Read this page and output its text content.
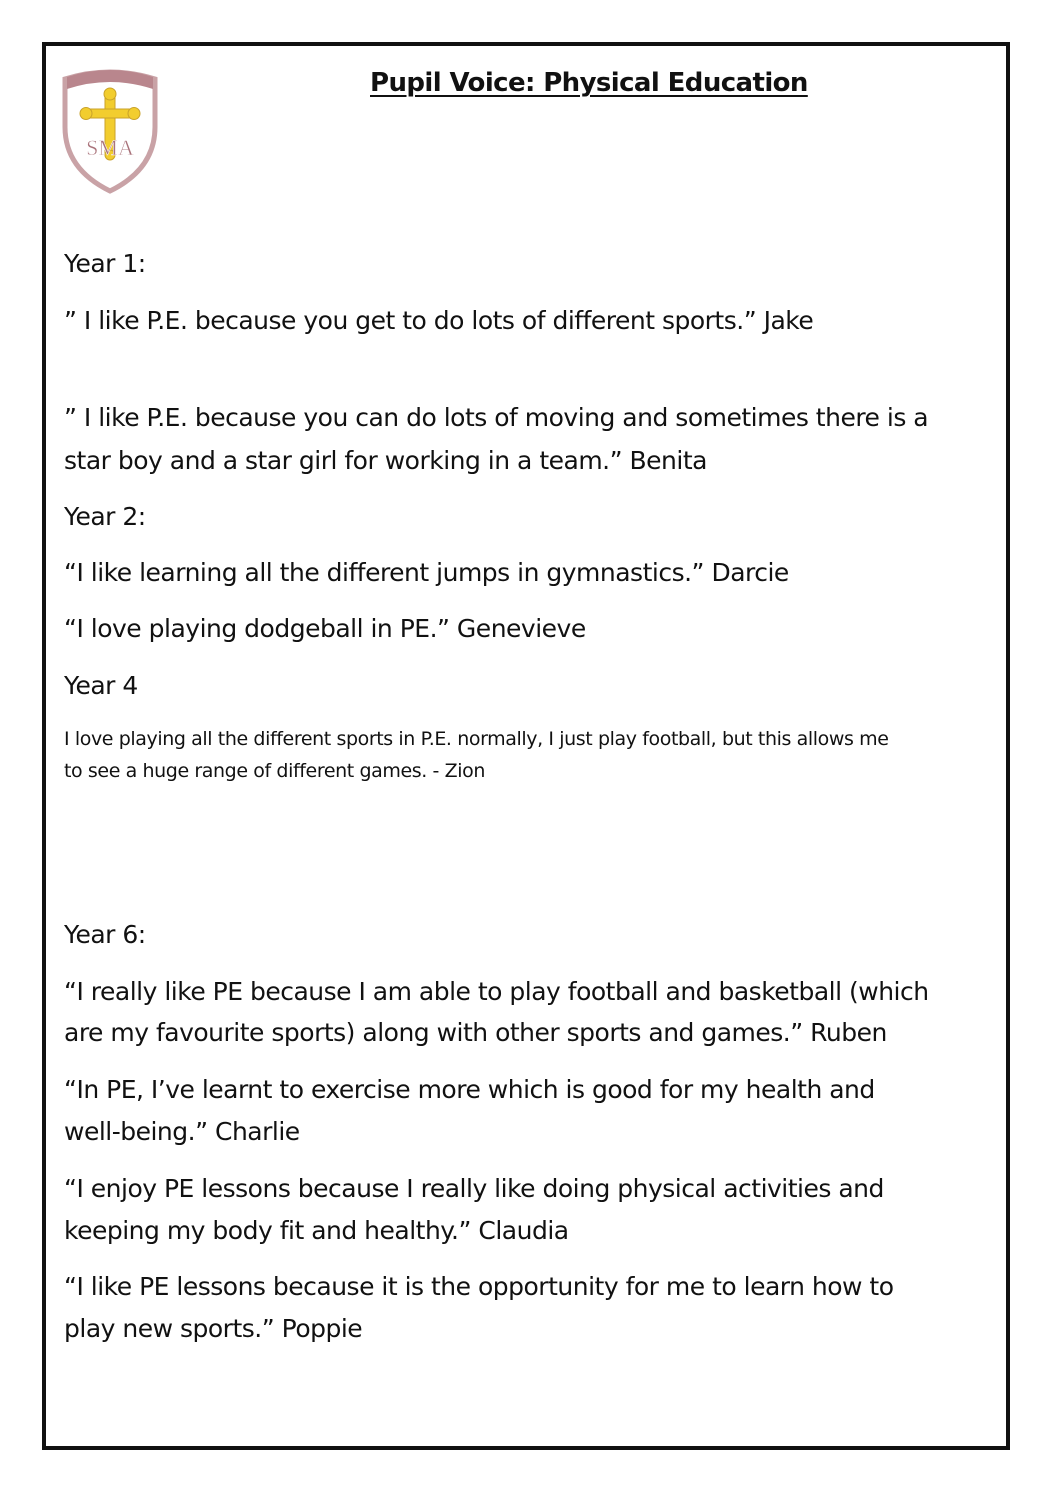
SMA
Pupil Voice: Physical Education
Year 1:
” I like P.E. because you get to do lots of different sports.” Jake
” I like P.E. because you can do lots of moving and sometimes there is a
star boy and a star girl for working in a team.” Benita
Year 2:
“I like learning all the different jumps in gymnastics.” Darcie
“I love playing dodgeball in PE.” Genevieve
Year 4
I love playing all the different sports in P.E. normally, I just play football, but this allows me
to see a huge range of different games. - Zion
Year 6:
“I really like PE because I am able to play football and basketball (which
are my favourite sports) along with other sports and games.” Ruben
“In PE, I’ve learnt to exercise more which is good for my health and
well-being.” Charlie
“I enjoy PE lessons because I really like doing physical activities and
keeping my body fit and healthy.” Claudia
“I like PE lessons because it is the opportunity for me to learn how to
play new sports.” Poppie
